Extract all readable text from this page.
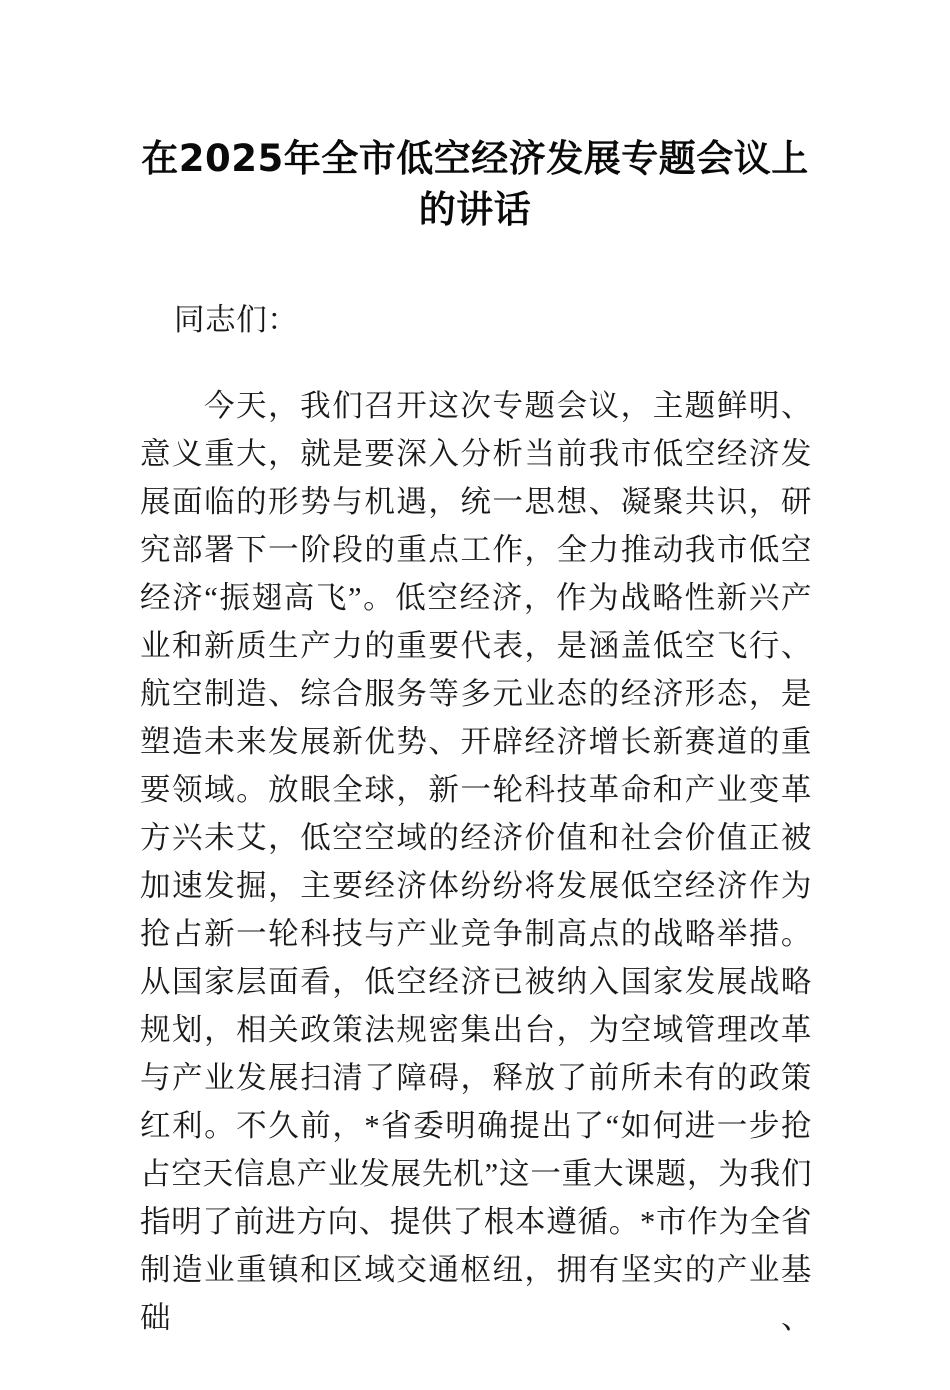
在2025年全市低空经济发展专题会议上的讲话

同志们：

今天，我们召开这次专题会议，主题鲜明、意义重大，就是要深入分析当前我市低空经济发展面临的形势与机遇，统一思想、凝聚共识，研究部署下一阶段的重点工作，全力推动我市低空经济“振翅高飞”。低空经济，作为战略性新兴产业和新质生产力的重要代表，是涵盖低空飞行、航空制造、综合服务等多元业态的经济形态，是塑造未来发展新优势、开辟经济增长新赛道的重要领域。放眼全球，新一轮科技革命和产业变革方兴未艾，低空空域的经济价值和社会价值正被加速发掘，主要经济体纷纷将发展低空经济作为抢占新一轮科技与产业竞争制高点的战略举措。从国家层面看，低空经济已被纳入国家发展战略规划，相关政策法规密集出台，为空域管理改革与产业发展扫清了障碍，释放了前所未有的政策红利。不久前，*省委明确提出了“如何进一步抢占空天信息产业发展先机”这一重大课题，为我们指明了前进方向、提供了根本遵循。*市作为全省制造业重镇和区域交通枢纽，拥有坚实的产业基础、
